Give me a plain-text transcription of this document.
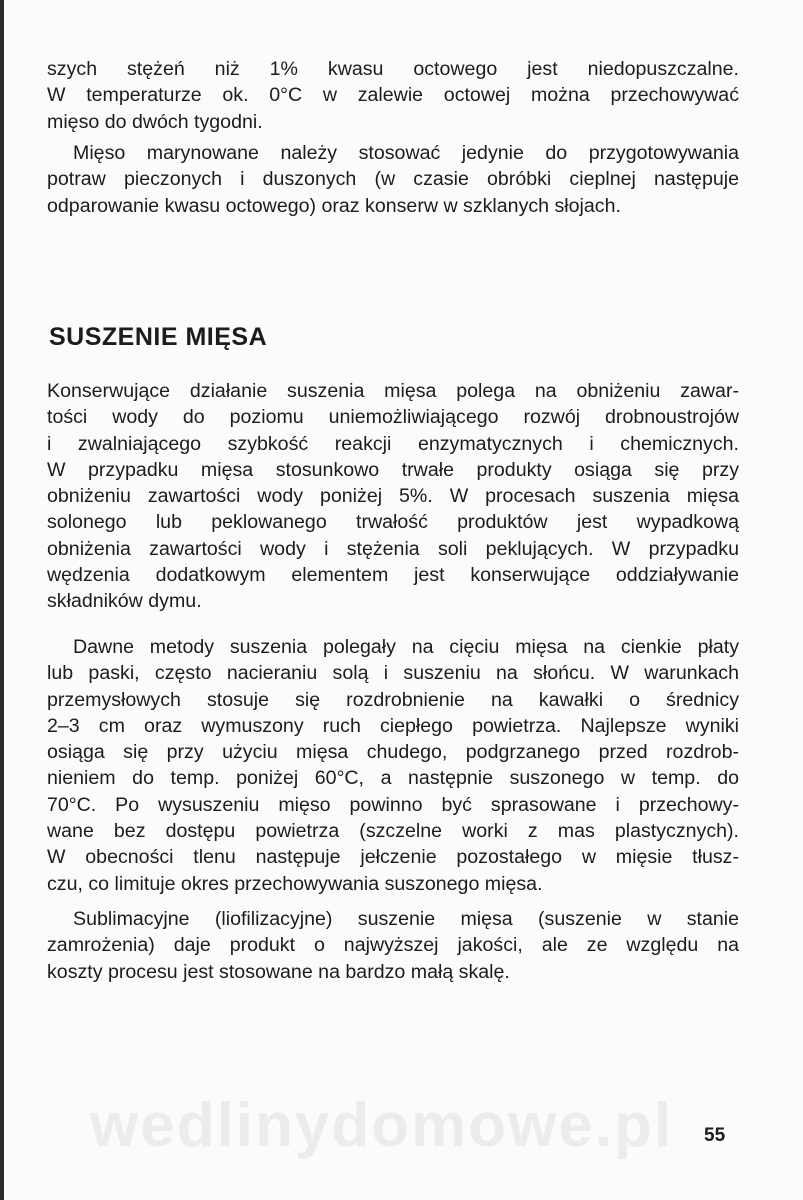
szych stężeń niż 1% kwasu octowego jest niedopuszczalne.
W temperaturze ok. 0°C w zalewie octowej można przechowywać
mięso do dwóch tygodni.

Mięso marynowane należy stosować jedynie do przygotowywania
potraw pieczonych i duszonych (w czasie obróbki cieplnej następuje
odparowanie kwasu octowego) oraz konserw w szklanych słojach.

SUSZENIE MIĘSA

Konserwujące działanie suszenia mięsa polega na obniżeniu zawar-
tości wody do poziomu uniemożliwiającego rozwój drobnoustrojów
i zwalniającego szybkość reakcji enzymatycznych i chemicznych.
W przypadku mięsa stosunkowo trwałe produkty osiąga się przy
obniżeniu zawartości wody poniżej 5%. W procesach suszenia mięsa
solonego lub peklowanego trwałość produktów jest wypadkową
obniżenia zawartości wody i stężenia soli peklujących. W przypadku
wędzenia dodatkowym elementem jest konserwujące oddziaływanie
składników dymu.

Dawne metody suszenia polegały na cięciu mięsa na cienkie płaty
lub paski, często nacieraniu solą i suszeniu na słońcu. W warunkach
przemysłowych stosuje się rozdrobnienie na kawałki o średnicy
2–3 cm oraz wymuszony ruch ciepłego powietrza. Najlepsze wyniki
osiąga się przy użyciu mięsa chudego, podgrzanego przed rozdrob-
nieniem do temp. poniżej 60°C, a następnie suszonego w temp. do
70°C. Po wysuszeniu mięso powinno być sprasowane i przechowy-
wane bez dostępu powietrza (szczelne worki z mas plastycznych).
W obecności tlenu następuje jełczenie pozostałego w mięsie tłusz-
czu, co limituje okres przechowywania suszonego mięsa.

Sublimacyjne (liofilizacyjne) suszenie mięsa (suszenie w stanie
zamrożenia) daje produkt o najwyższej jakości, ale ze względu na
koszty procesu jest stosowane na bardzo małą skalę.

wedlinydomowe.pl 55
